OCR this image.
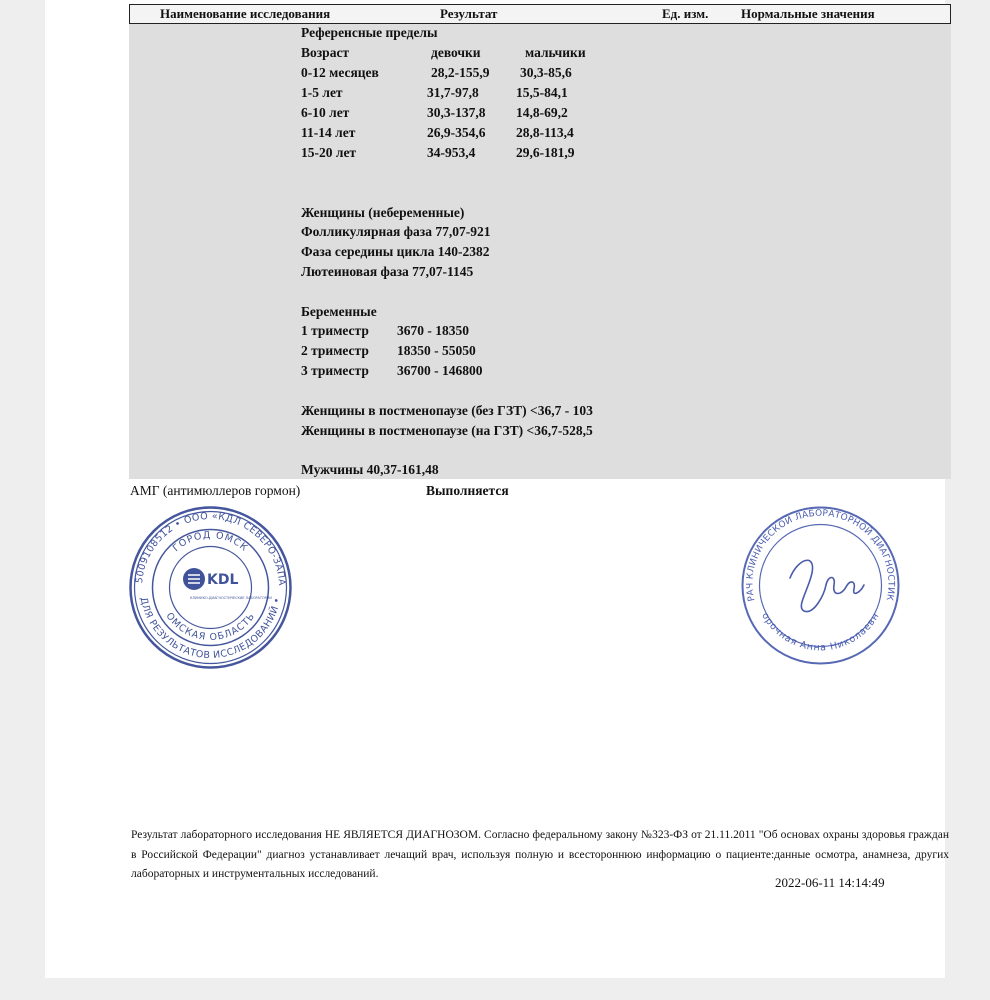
Наименование исследования	Результат	Ед. изм.	Нормальные значения
Референсные пределы
Возраст	девочки	мальчики
0-12 месяцев	28,2-155,9 30,3-85,6
1-5 лет	31,7-97,8	15,5-84,1
6-10 лет	30,3-137,8 14,8-69,2
11-14 лет	26,9-354,6 28,8-113,4
15-20 лет	34-953,4	29,6-181,9
Женщины (небеременные)
Фолликулярная фаза 77,07-921
Фаза середины цикла 140-2382
Лютеиновая фаза 77,07-1145
Беременные
1 триместр 3670 - 18350
2 триместр 18350 - 55050
3 триместр 36700 - 146800
Женщины в постменопаузе (без ГЗТ) <36,7 - 103
Женщины в постменопаузе (на ГЗТ) <36,7-528,5
Мужчины 40,37-161,48
АМГ (антимюллеров гормон)	Выполняется
5009108512 • ООО «КДЛ СЕВЕРО-ЗАПА
ДЛЯ РЕЗУЛЬТАТОВ ИССЛЕДОВАНИЙ •
ГОРОД ОМСК
ОМСКАЯ ОБЛАСТЬ
KDL
КЛИНИКО-ДИАГНОСТИЧЕСКИЕ ЛАБОРАТОРИИ	РАЧ КЛИНИЧЕСКОЙ ЛАБОРАТОРНОЙ ДИАГНОСТИК
орочная Анна Николаевн
Результат лабораторного исследования НЕ ЯВЛЯЕТСЯ ДИАГНОЗОМ. Согласно федеральному закону №323-ФЗ от 21.11.2011 "Об основах охраны здоровья граждан в Российской Федерации" диагноз устанавливает лечащий врач, используя полную и всестороннюю информацию о пациенте:данные осмотра, анамнеза, других лабораторных и инструментальных исследований.
2022-06-11 14:14:49
